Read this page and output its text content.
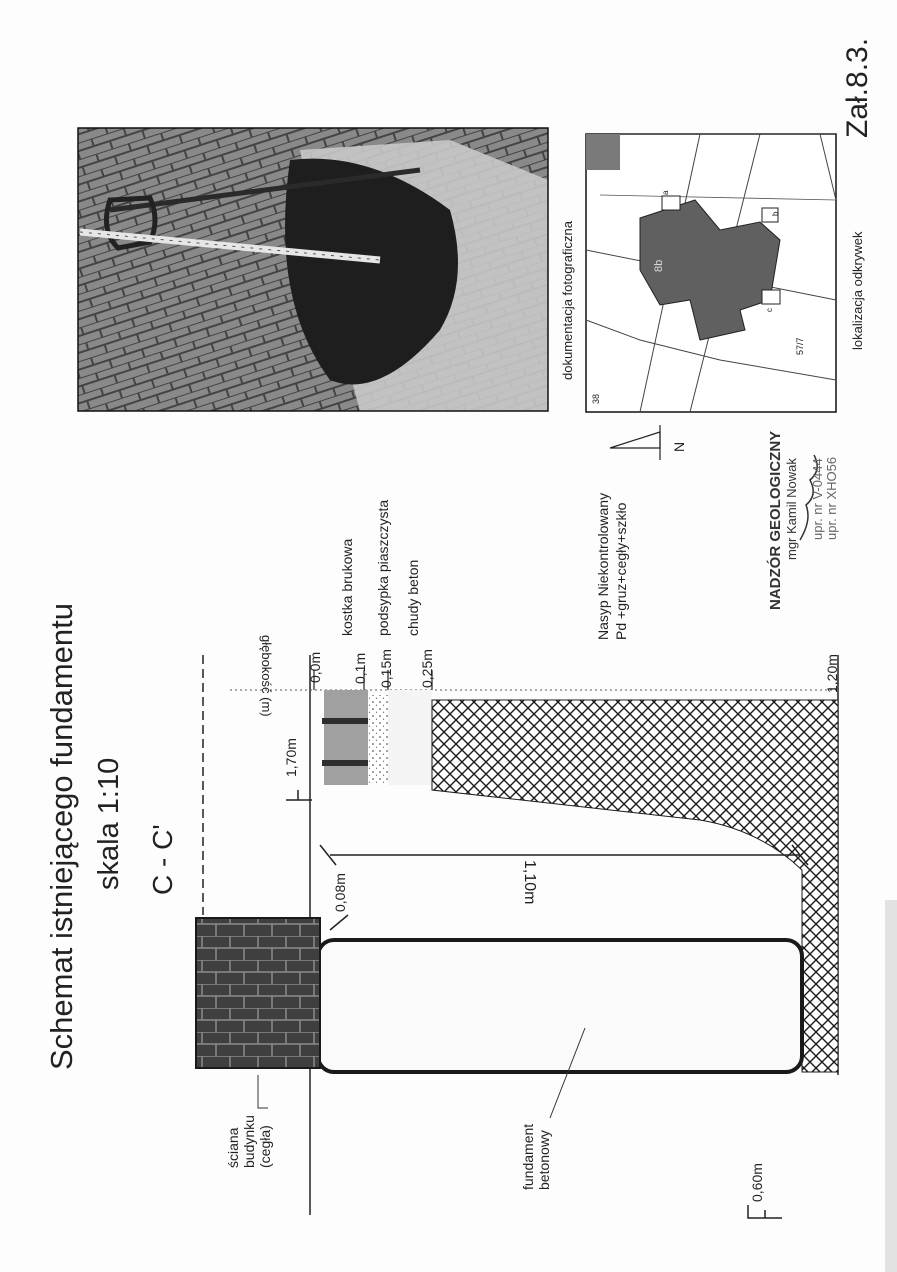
Zał.8.3.
Schemat istniejącego fundamentu skala 1:10 C - C'
głębokość (m) 0,0m 0,1m 0,15m 0,25m	1,20m
kostka brukowa podsypka piaszczysta chudy beton	Nasyp Niekontrolowany Pd +gruz+cegły+szkło
1,70m
0,08m	1,10m
0,60m
ściana budynku (cegła)	fundament betonowy
dokumentacja fotograficzna
38
57/7
8b
a
b
c	lokalizacja odkrywek
N	NADZÓR GEOLOGICZNY mgr Kamil Nowak upr. nr V-0444 upr. nr XHO56
